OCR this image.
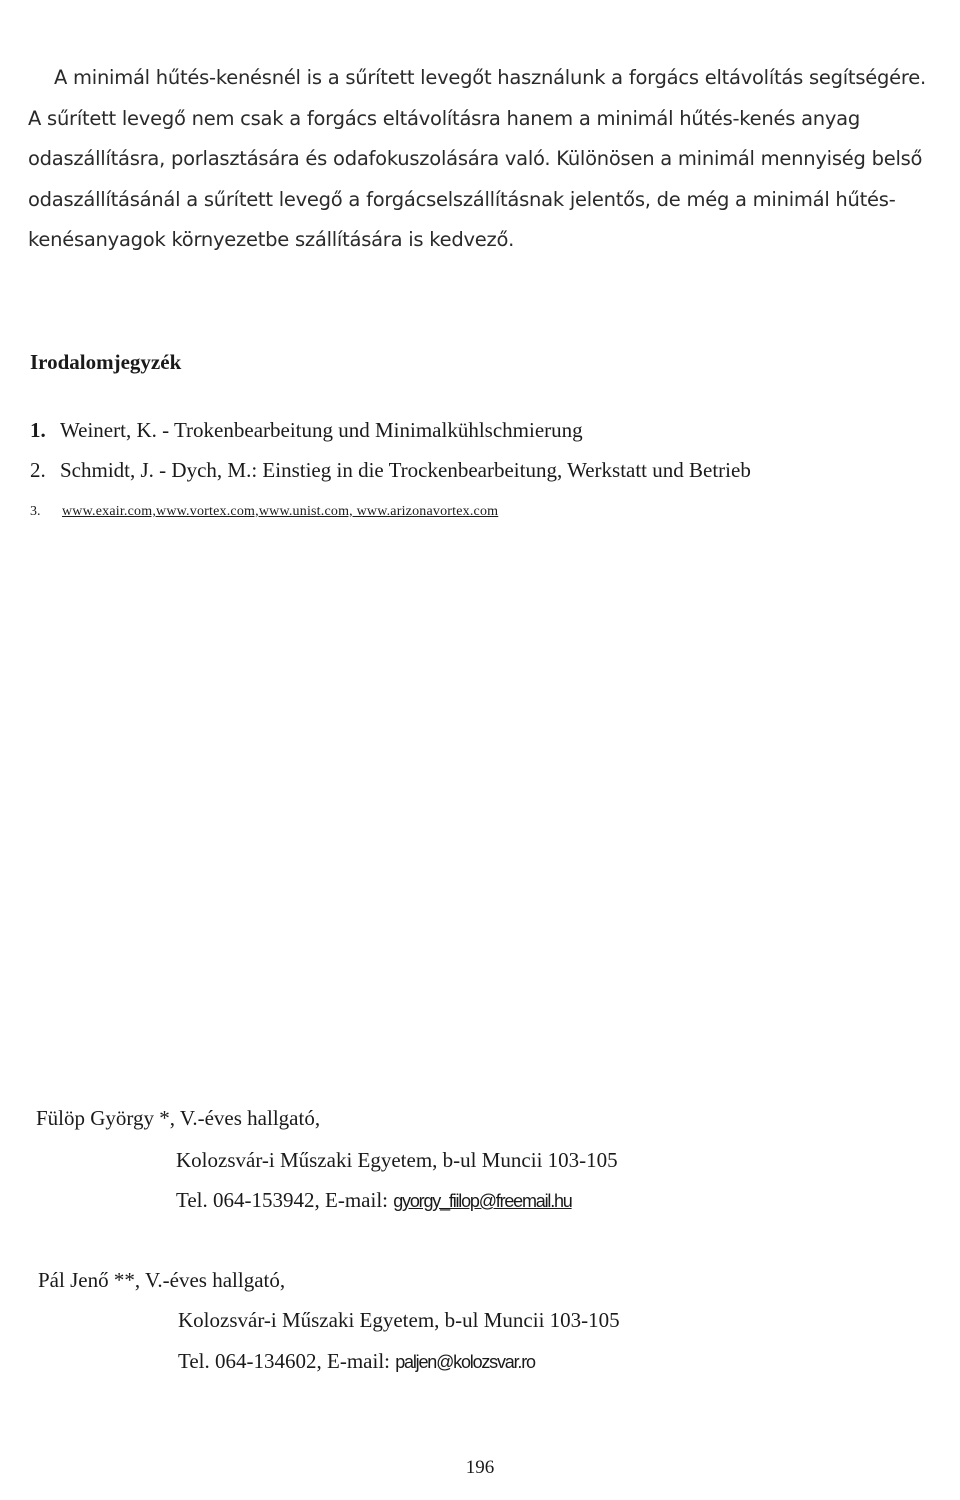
A minimál hűtés-kenésnél is a sűrített levegőt használunk a forgács eltávolítás segítségére.
A sűrített levegő nem csak a forgács eltávolításra hanem a minimál hűtés-kenés anyag
odaszállításra, porlasztására és odafokuszolására való. Különösen a minimál mennyiség belső
odaszállításánál a sűrített levegő a forgácselszállításnak jelentős, de még a minimál hűtés-
kenésanyagok környezetbe szállítására is kedvező.

Irodalomjegyzék
1. Weinert, K. - Trokenbearbeitung und Minimalkühlschmierung
2. Schmidt, J. - Dych, M.: Einstieg in die Trockenbearbeitung, Werkstatt und Betrieb
3. www.exair.com,www.vortex.com,www.unist.com, www.arizonavortex.com
Fülöp György *, V.-éves hallgató,
Kolozsvár-i Műszaki Egyetem, b-ul Muncii 103-105
Tel. 064-153942, E-mail: gyorgy_fiilop@freemail.hu
Pál Jenő **, V.-éves hallgató,
Kolozsvár-i Műszaki Egyetem, b-ul Muncii 103-105
Tel. 064-134602, E-mail: paljen@kolozsvar.ro
196
